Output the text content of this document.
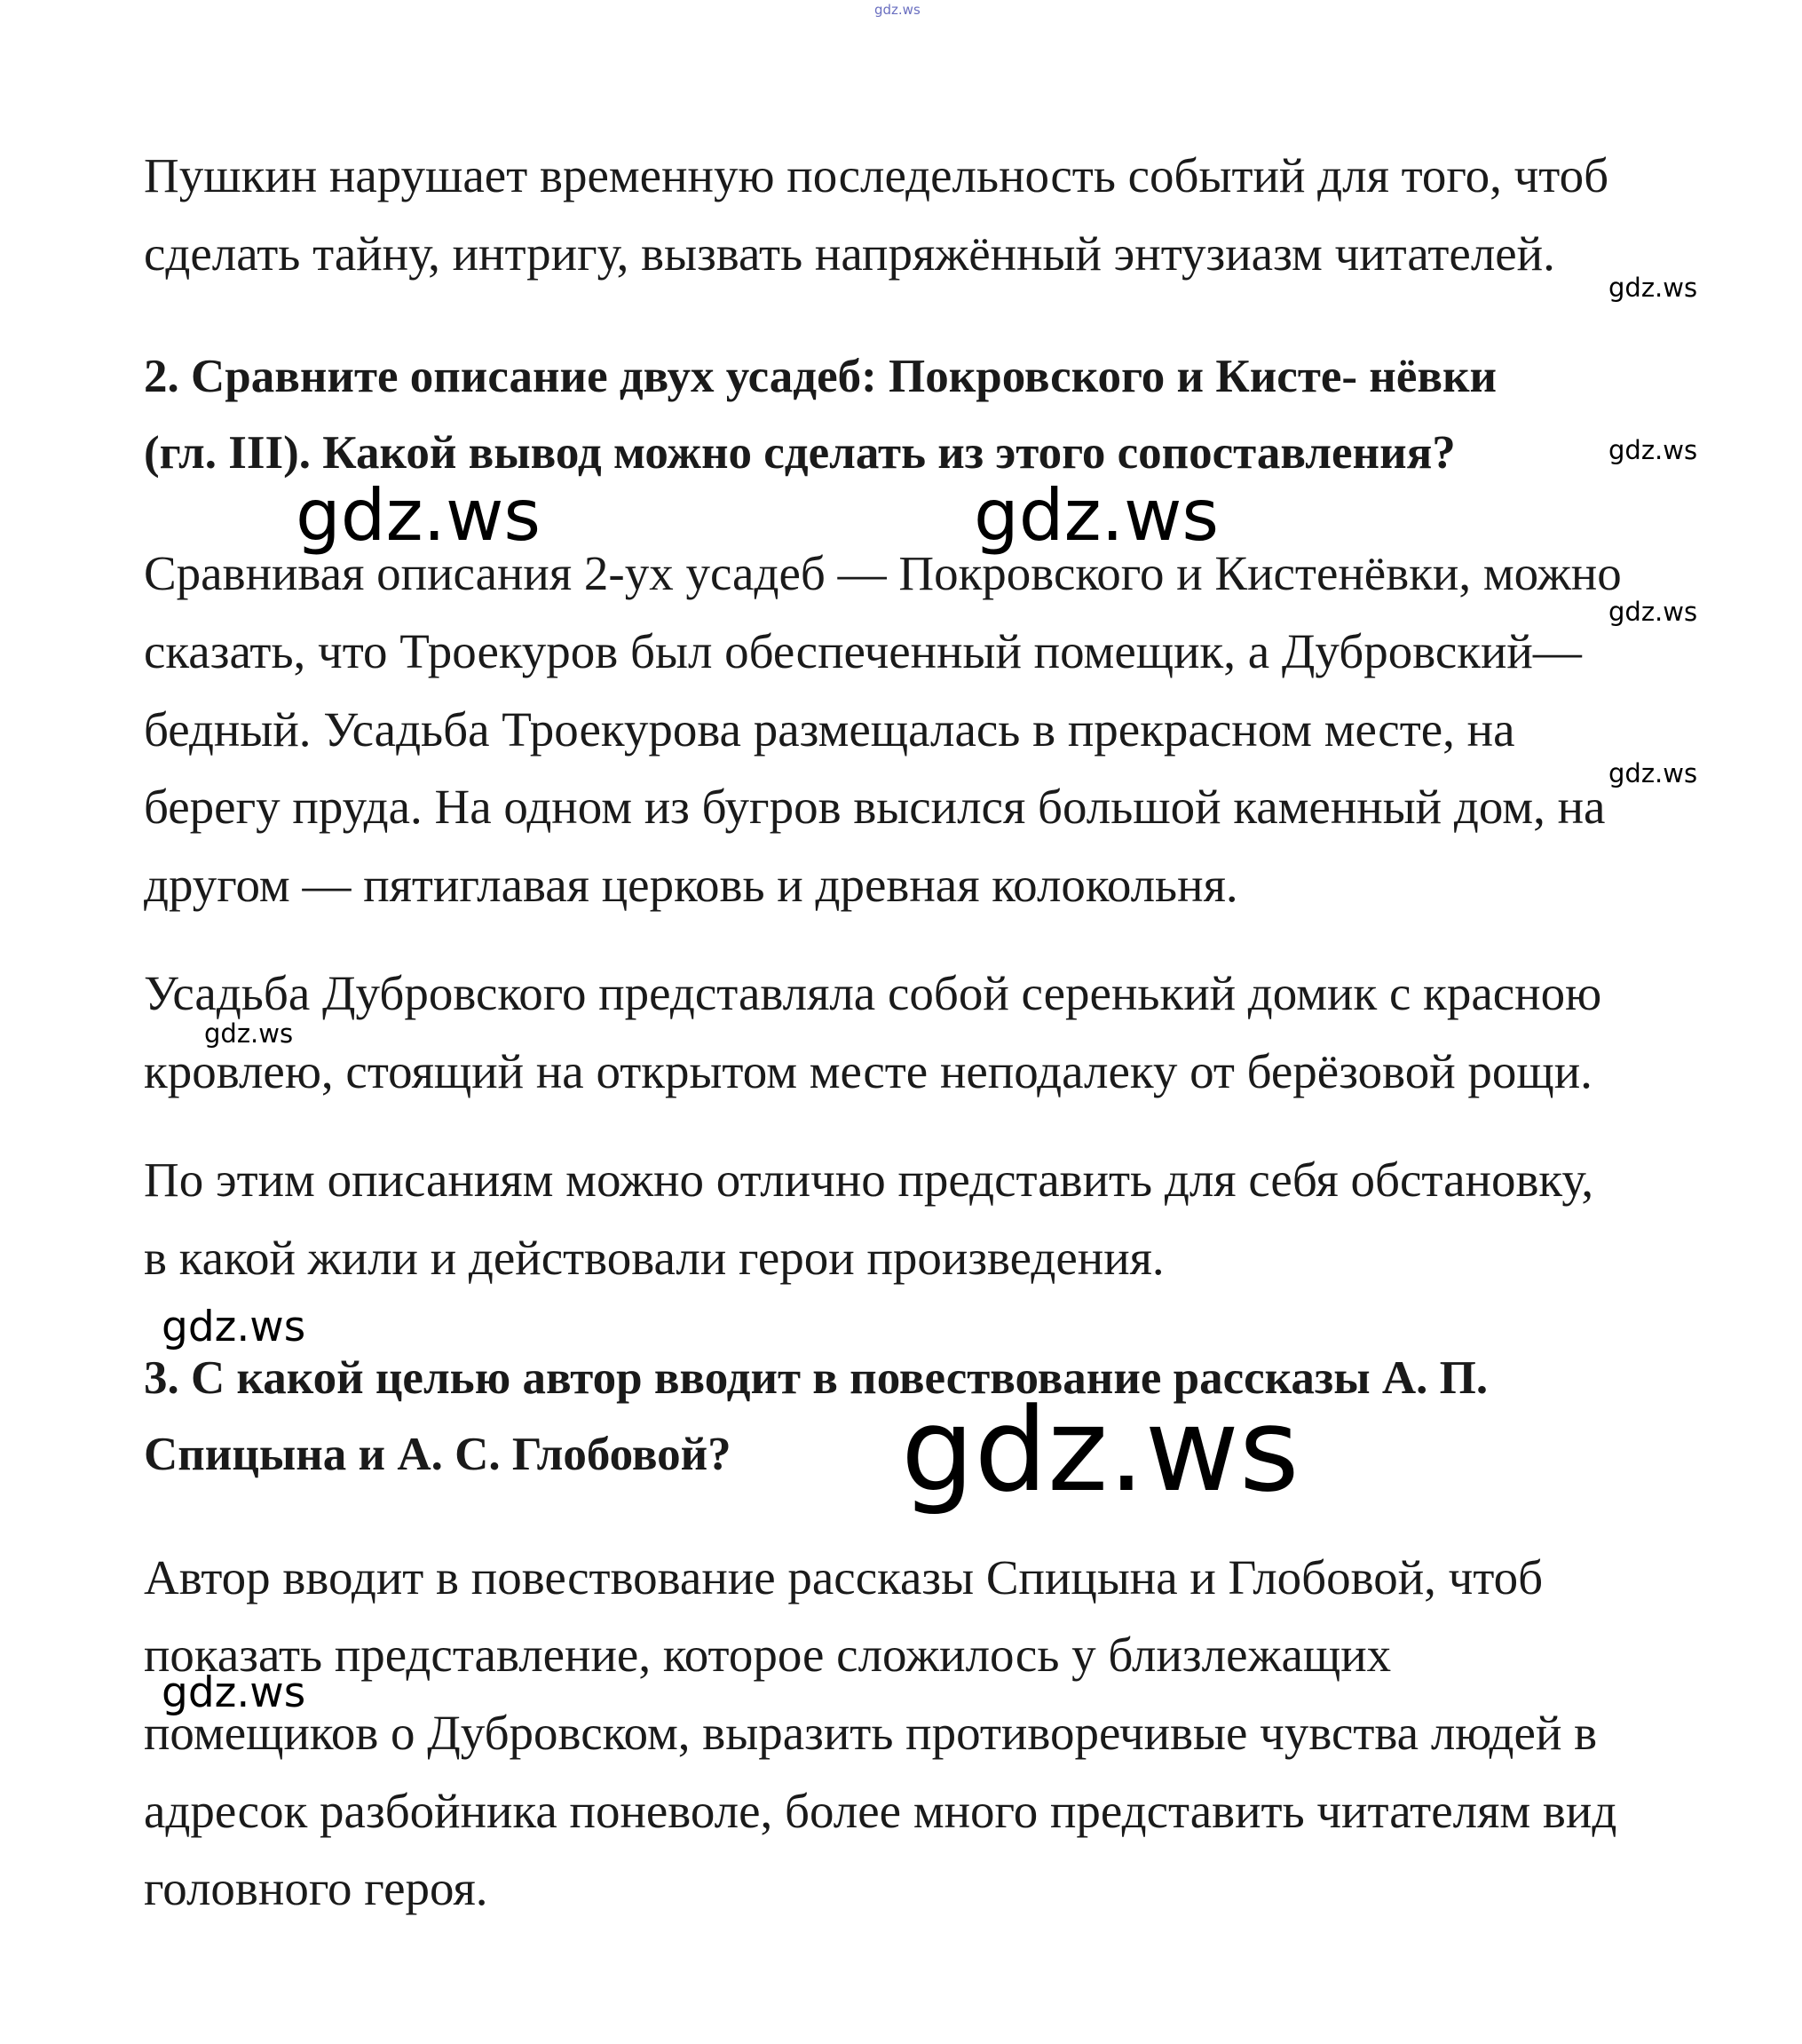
gdz.ws
Пушкин нарушает временную последельность событий для того, чтоб
сделать тайну, интригу, вызвать напряжённый энтузиазм читателей.
gdz.ws
2. Сравните описание двух усадеб: Покровского и Кисте- нёвки
(гл. III). Какой вывод можно сделать из этого сопоставления?	gdz.ws
gdz.ws	gdz.ws
Сравнивая описания 2-ух усадеб — Покровского и Кистенёвки, можно
gdz.ws
сказать, что Троекуров был обеспеченный помещик, а Дубровский—
бедный. Усадьба Троекурова размещалась в прекрасном месте, на
gdz.ws
берегу пруда. На одном из бугров высился большой каменный дом, на
другом — пятиглавая церковь и древная колокольня.
Усадьба Дубровского представляла собой серенький домик с красною
gdz.ws
кровлею, стоящий на открытом месте неподалеку от берёзовой рощи.
По этим описаниям можно отлично представить для себя обстановку,
в какой жили и действовали герои произведения.
gdz.ws
3. С какой целью автор вводит в повествование рассказы А. П.
Спицына и А. С. Глобовой? gdz.ws
Автор вводит в повествование рассказы Спицына и Глобовой, чтоб
показать представление, которое сложилось у близлежащих
gdz.ws
помещиков о Дубровском, выразить противоречивые чувства людей в
адресок разбойника поневоле, более много представить читателям вид
головного героя.
